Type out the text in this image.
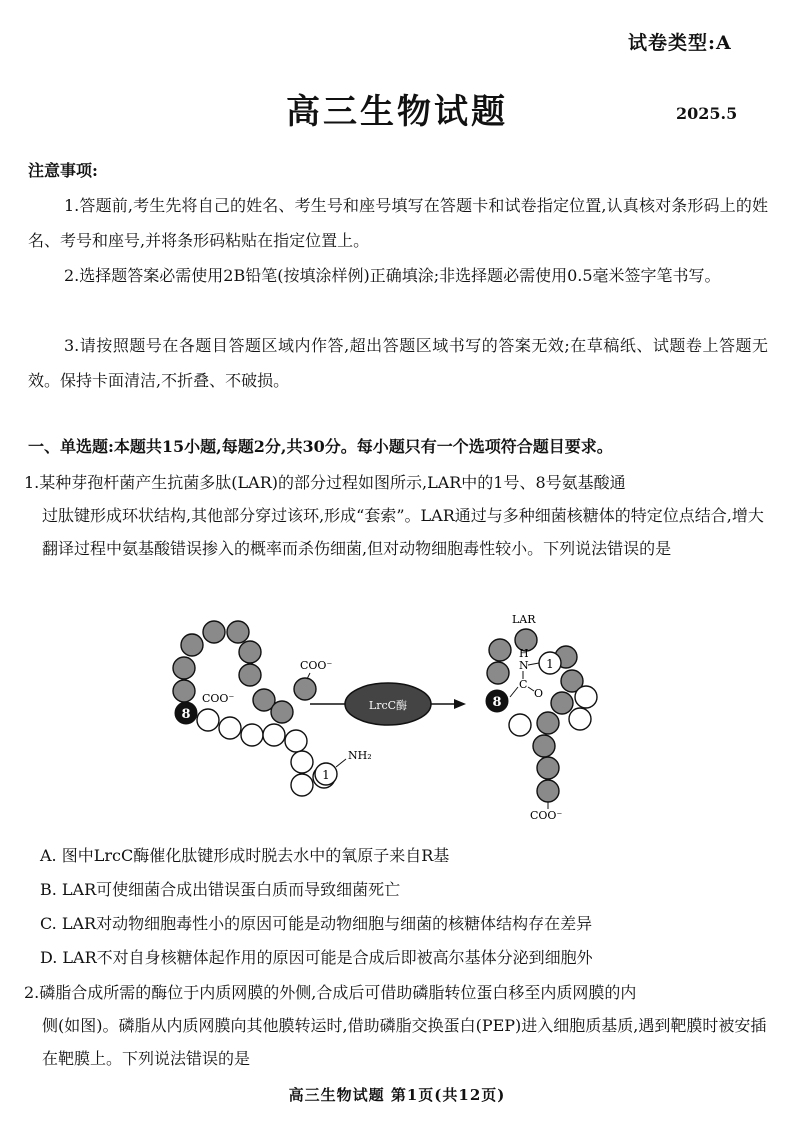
试卷类型:A
高三生物试题	2025.5
注意事项:
1.答题前,考生先将自己的姓名、考生号和座号填写在答题卡和试卷指定位置,认真核对条形码上的姓名、考号和座号,并将条形码粘贴在指定位置上。
2.选择题答案必需使用2B铅笔(按填涂样例)正确填涂;非选择题必需使用0.5毫米签字笔书写。
3.请按照题号在各题目答题区域内作答,超出答题区域书写的答案无效;在草稿纸、试题卷上答题无效。保持卡面清洁,不折叠、不破损。
一、单选题:本题共15小题,每题2分,共30分。每小题只有一个选项符合题目要求。
1.某种芽孢杆菌产生抗菌多肽(LAR)的部分过程如图所示,LAR中的1号、8号氨基酸通
过肽键形成环状结构,其他部分穿过该环,形成“套索”。LAR通过与多种细菌核糖体的特定位点结合,增大翻译过程中氨基酸错误掺入的概率而杀伤细菌,但对动物细胞毒性较小。下列说法错误的是
8
1
NH₂
COO⁻
COO⁻
LrcC酶
LAR
1
8
H
N
C
O
COO⁻
A. 图中LrcC酶催化肽键形成时脱去水中的氧原子来自R基
B. LAR可使细菌合成出错误蛋白质而导致细菌死亡
C. LAR对动物细胞毒性小的原因可能是动物细胞与细菌的核糖体结构存在差异
D. LAR不对自身核糖体起作用的原因可能是合成后即被高尔基体分泌到细胞外
2.磷脂合成所需的酶位于内质网膜的外侧,合成后可借助磷脂转位蛋白移至内质网膜的内
侧(如图)。磷脂从内质网膜向其他膜转运时,借助磷脂交换蛋白(PEP)进入细胞质基质,遇到靶膜时被安插在靶膜上。下列说法错误的是
高三生物试题 第1页(共12页)
